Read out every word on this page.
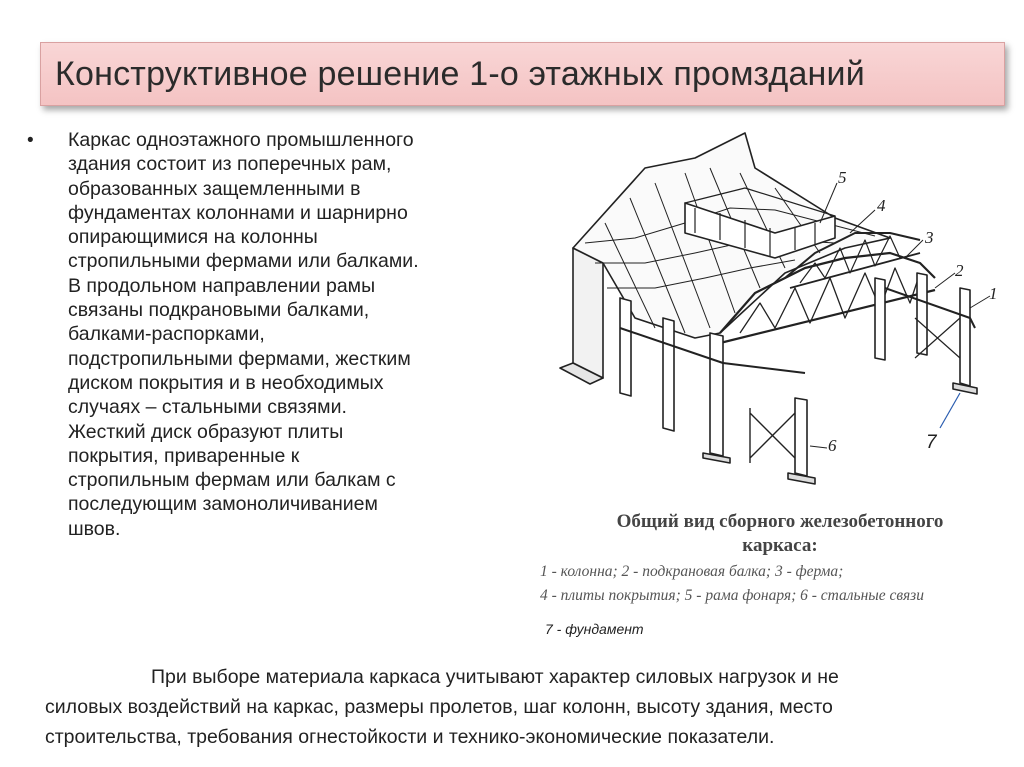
Конструктивное решение 1-о этажных промзданий
• Каркас одноэтажного промышленного
здания состоит из поперечных рам,
образованных защемленными в
фундаментах колоннами и шарнирно
опирающимися на колонны
стропильными фермами или балками.
В продольном направлении рамы
связаны подкрановыми балками,
балками-распорками,
подстропильными фермами, жестким
диском покрытия и в необходимых
случаях – стальными связями.
Жесткий диск образуют плиты
покрытия, приваренные к
стропильным фермам или балкам с
последующим замоноличиванием
швов.
5
4
3
2
1
6	7
Общий вид сборного железобетонного
каркаса:
1 - колонна; 2 - подкрановая балка; 3 - ферма;
4 - плиты покрытия; 5 - рама фонаря; 6 - стальные связи
7 - фундамент
При выборе материала каркаса учитывают характер силовых нагрузок и не
силовых воздействий на каркас, размеры пролетов, шаг колонн, высоту здания, место
строительства, требования огнестойкости и технико-экономические показатели.
